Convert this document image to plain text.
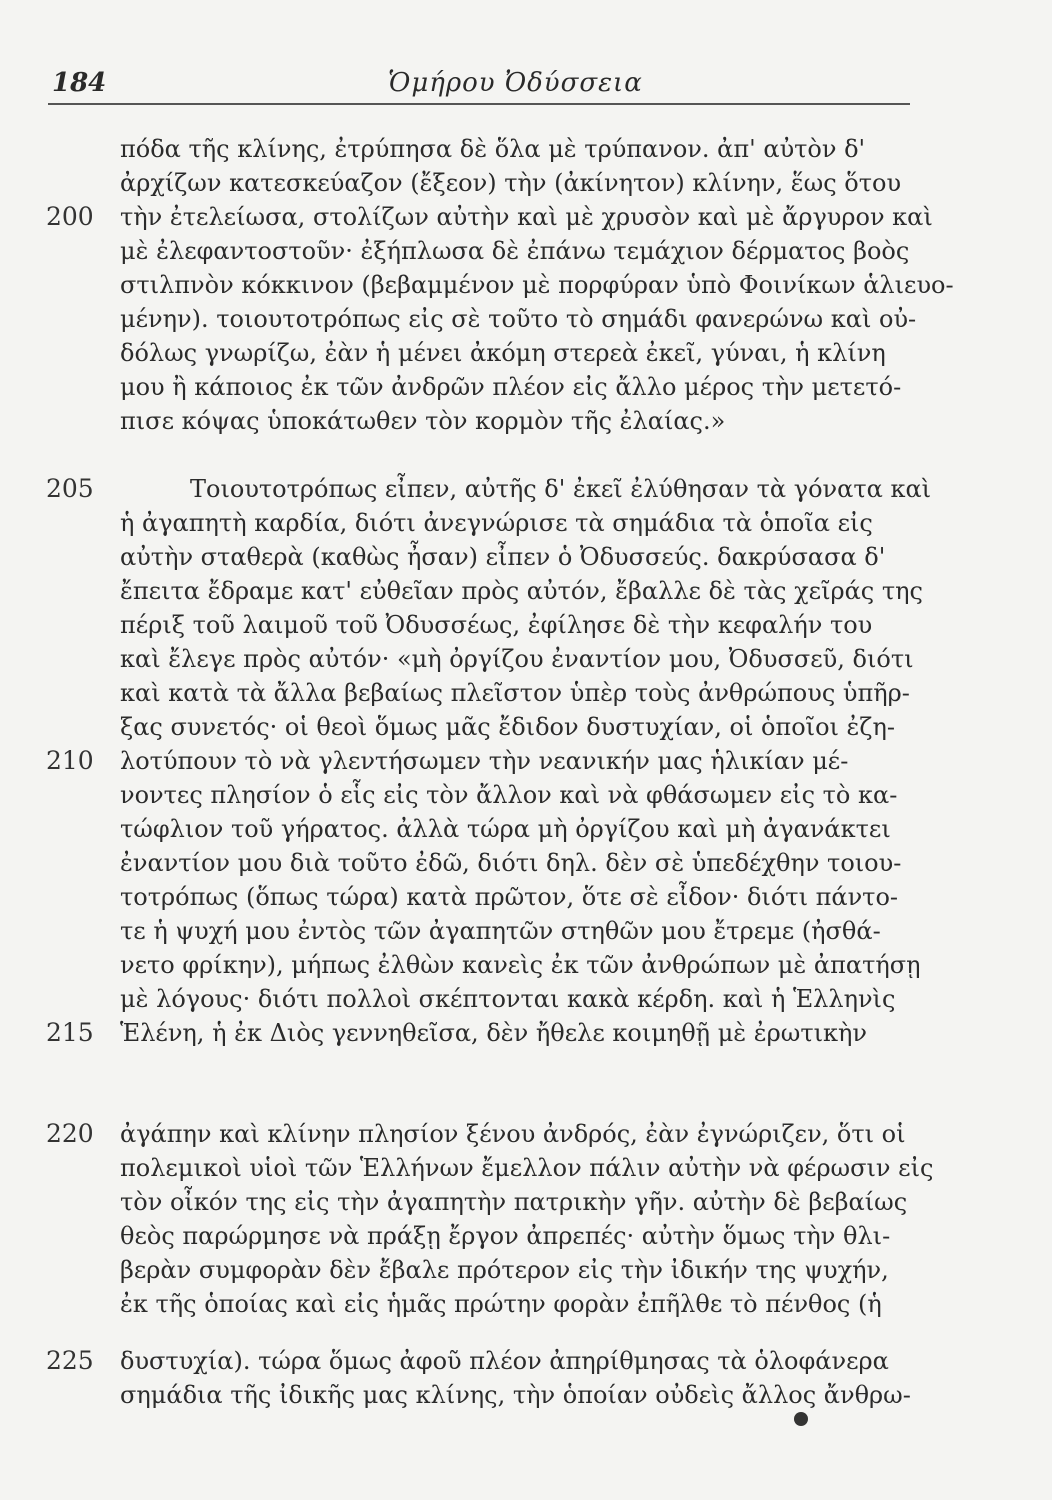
184	Ὁμήρου Ὀδύσσεια
200
205
210
215
220
225
πόδα τῆς κλίνης, ἐτρύπησα δὲ ὅλα μὲ τρύπανον. ἀπ' αὐτὸν δ'
ἀρχίζων κατεσκεύαζον (ἔξεον) τὴν (ἀκίνητον) κλίνην, ἕως ὅτου
τὴν ἐτελείωσα, στολίζων αὐτὴν καὶ μὲ χρυσὸν καὶ μὲ ἄργυρον καὶ
μὲ ἐλεφαντοστοῦν· ἐξήπλωσα δὲ ἐπάνω τεμάχιον δέρματος βοὸς
στιλπνὸν κόκκινον (βεβαμμένον μὲ πορφύραν ὑπὸ Φοινίκων ἁλιευο-
μένην). τοιουτοτρόπως εἰς σὲ τοῦτο τὸ σημάδι φανερώνω καὶ οὐ-
δόλως γνωρίζω, ἐὰν ἡ μένει ἀκόμη στερεὰ ἐκεῖ, γύναι, ἡ κλίνη
μου ἢ κάποιος ἐκ τῶν ἀνδρῶν πλέον εἰς ἄλλο μέρος τὴν μετετό-
πισε κόψας ὑποκάτωθεν τὸν κορμὸν τῆς ἐλαίας.»
Τοιουτοτρόπως εἶπεν, αὐτῆς δ' ἐκεῖ ἐλύθησαν τὰ γόνατα καὶ
ἡ ἀγαπητὴ καρδία, διότι ἀνεγνώρισε τὰ σημάδια τὰ ὁποῖα εἰς
αὐτὴν σταθερὰ (καθὼς ἦσαν) εἶπεν ὁ Ὀδυσσεύς. δακρύσασα δ'
ἔπειτα ἔδραμε κατ' εὐθεῖαν πρὸς αὐτόν, ἔβαλλε δὲ τὰς χεῖράς της
πέριξ τοῦ λαιμοῦ τοῦ Ὀδυσσέως, ἐφίλησε δὲ τὴν κεφαλήν του
καὶ ἔλεγε πρὸς αὐτόν· «μὴ ὀργίζου ἐναντίον μου, Ὀδυσσεῦ, διότι
καὶ κατὰ τὰ ἄλλα βεβαίως πλεῖστον ὑπὲρ τοὺς ἀνθρώπους ὑπῆρ-
ξας συνετός· οἱ θεοὶ ὅμως μᾶς ἔδιδον δυστυχίαν, οἱ ὁποῖοι ἐζη-
λοτύπουν τὸ νὰ γλεντήσωμεν τὴν νεανικήν μας ἡλικίαν μέ-
νοντες πλησίον ὁ εἷς εἰς τὸν ἄλλον καὶ νὰ φθάσωμεν εἰς τὸ κα-
τώφλιον τοῦ γήρατος. ἀλλὰ τώρα μὴ ὀργίζου καὶ μὴ ἀγανάκτει
ἐναντίον μου διὰ τοῦτο ἐδῶ, διότι δηλ. δὲν σὲ ὑπεδέχθην τοιου-
τοτρόπως (ὅπως τώρα) κατὰ πρῶτον, ὅτε σὲ εἶδον· διότι πάντο-
τε ἡ ψυχή μου ἐντὸς τῶν ἀγαπητῶν στηθῶν μου ἔτρεμε (ἠσθά-
νετο φρίκην), μήπως ἐλθὼν κανεὶς ἐκ τῶν ἀνθρώπων μὲ ἀπατήσῃ
μὲ λόγους· διότι πολλοὶ σκέπτονται κακὰ κέρδη. καὶ ἡ Ἑλληνὶς
Ἑλένη, ἡ ἐκ Διὸς γεννηθεῖσα, δὲν ἤθελε κοιμηθῇ μὲ ἐρωτικὴν
ἀγάπην καὶ κλίνην πλησίον ξένου ἀνδρός, ἐὰν ἐγνώριζεν, ὅτι οἱ
πολεμικοὶ υἱοὶ τῶν Ἑλλήνων ἔμελλον πάλιν αὐτὴν νὰ φέρωσιν εἰς
τὸν οἶκόν της εἰς τὴν ἀγαπητὴν πατρικὴν γῆν. αὐτὴν δὲ βεβαίως
θεὸς παρώρμησε νὰ πράξῃ ἔργον ἀπρεπές· αὐτὴν ὅμως τὴν θλι-
βερὰν συμφορὰν δὲν ἔβαλε πρότερον εἰς τὴν ἰδικήν της ψυχήν,
ἐκ τῆς ὁποίας καὶ εἰς ἡμᾶς πρώτην φορὰν ἐπῆλθε τὸ πένθος (ἡ
δυστυχία). τώρα ὅμως ἀφοῦ πλέον ἀπηρίθμησας τὰ ὁλοφάνερα
σημάδια τῆς ἰδικῆς μας κλίνης, τὴν ὁποίαν οὐδεὶς ἄλλος ἄνθρω-
